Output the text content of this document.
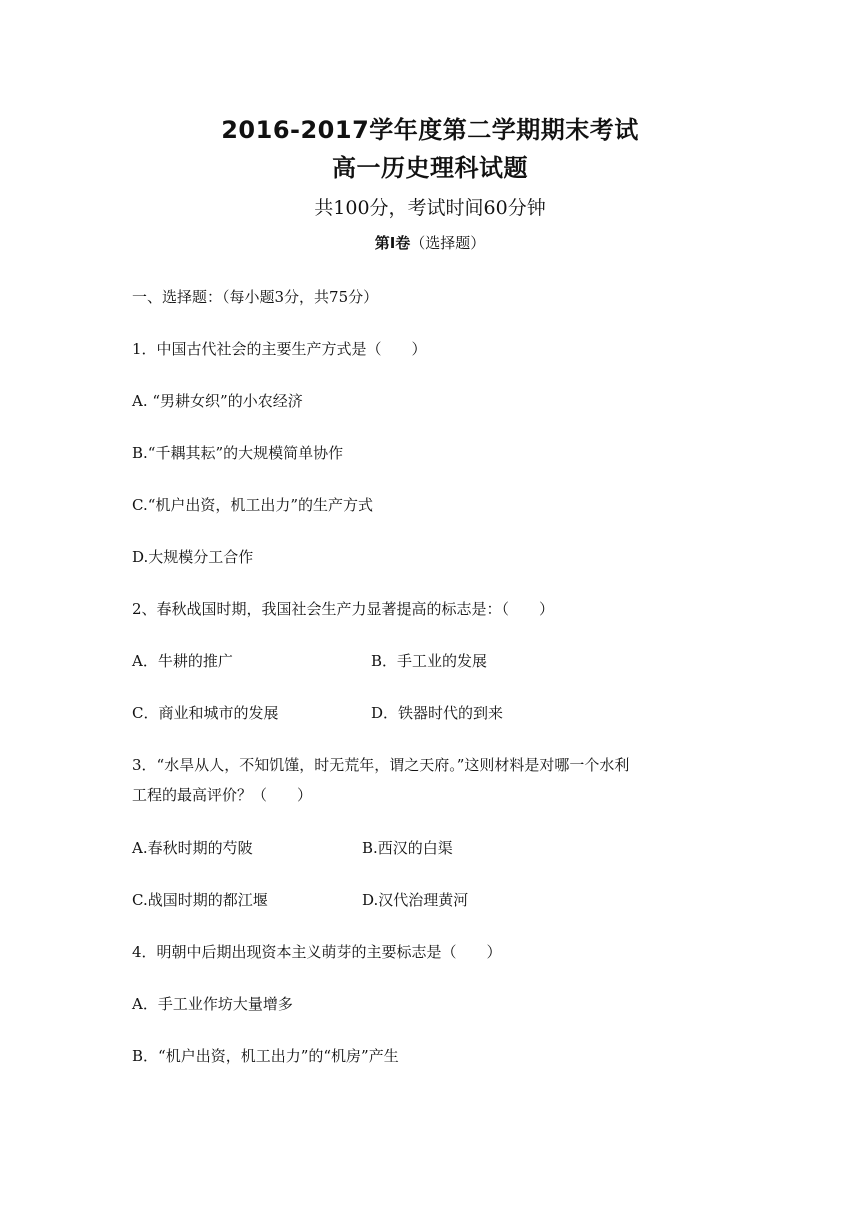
2016-2017学年度第二学期期末考试
高一历史理科试题
共100分，考试时间60分钟
第Ⅰ卷（选择题）
一、选择题：（每小题3分，共75分）
1．中国古代社会的主要生产方式是（　　）
A. “男耕女织”的小农经济
B.“千耦其耘”的大规模简单协作
C.“机户出资，机工出力”的生产方式
D.大规模分工合作
2、春秋战国时期，我国社会生产力显著提高的标志是：（　　）
A．牛耕的推广	B．手工业的发展
C．商业和城市的发展	D．铁器时代的到来
3．“水旱从人，不知饥馑，时无荒年，谓之天府。”这则材料是对哪一个水利
工程的最高评价？（　　）
A.春秋时期的芍陂	B.西汉的白渠
C.战国时期的都江堰	D.汉代治理黄河
4．明朝中后期出现资本主义萌芽的主要标志是（　　）
A．手工业作坊大量增多
B．“机户出资，机工出力”的“机房”产生
